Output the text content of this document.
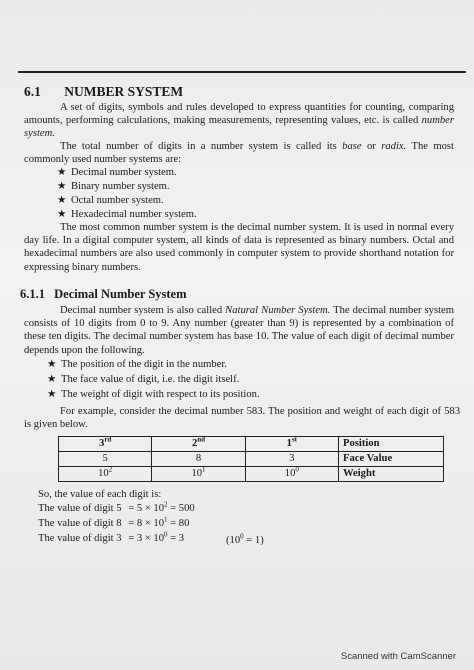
6.1 NUMBER SYSTEM

A set of digits, symbols and rules developed to express quantities for counting, comparing amounts, performing calculations, making measurements, representing values, etc. is called number system.

The total number of digits in a number system is called its base or radix. The most commonly used number systems are:

★ Decimal number system.
★ Binary number system.
★ Octal number system.
★ Hexadecimal number system.

The most common number system is the decimal number system. It is used in normal every day life. In a digital computer system, all kinds of data is represented as binary numbers. Octal and hexadecimal numbers are also used commonly in computer system to provide shorthand notation for expressing binary numbers.

6.1.1 Decimal Number System

Decimal number system is also called Natural Number System. The decimal number system consists of 10 digits from 0 to 9. Any number (greater than 9) is represented by a combination of these ten digits. The decimal number system has base 10. The value of each digit of decimal number depends upon the following.

★ The position of the digit in the number.
★ The face value of digit, i.e. the digit itself.
★ The weight of digit with respect to its position.

For example, consider the decimal number 583. The position and weight of each digit of 583 is given below.

3rd	2nd	1st	Position
5	8	3	Face Value
$10^2$	$10^1$	$10^0$	Weight
So, the value of each digit is:
The value of digit $5 = 5 \times 10^2 = 500$
The value of digit $8 = 8 \times 10^1 = 80$
The value of digit $3 = 3 \times 10^0 = 3$	$(10^0 = 1)$
Scanned with CamScanner
